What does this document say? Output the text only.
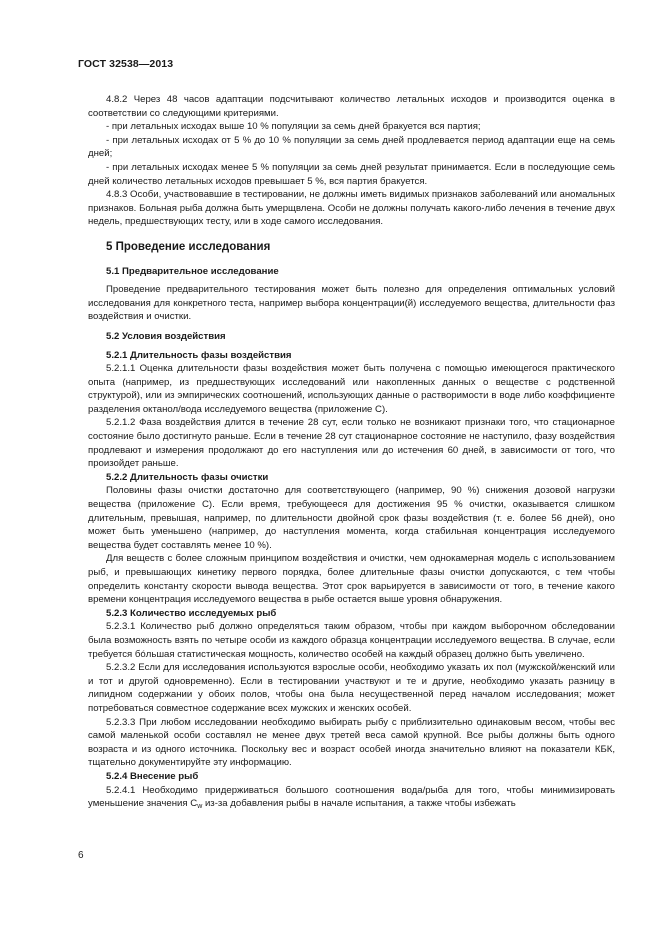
ГОСТ 32538—2013

4.8.2 Через 48 часов адаптации подсчитывают количество летальных исходов и производится оценка в соответствии со следующими критериями.

- при летальных исходах выше 10 % популяции за семь дней бракуется вся партия;

- при летальных исходах от 5 % до 10 % популяции за семь дней продлевается период адаптации еще на семь дней;

- при летальных исходах менее 5 % популяции за семь дней результат принимается. Если в последующие семь дней количество летальных исходов превышает 5 %, вся партия бракуется.

4.8.3 Особи, участвовавшие в тестировании, не должны иметь видимых признаков заболеваний или аномальных признаков. Больная рыба должна быть умерщвлена. Особи не должны получать какого-либо лечения в течение двух недель, предшествующих тесту, или в ходе самого исследования.

5 Проведение исследования

5.1 Предварительное исследование

Проведение предварительного тестирования может быть полезно для определения оптимальных условий исследования для конкретного теста, например выбора концентрации(й) исследуемого вещества, длительности фаз воздействия и очистки.

5.2 Условия воздействия

5.2.1 Длительность фазы воздействия

5.2.1.1 Оценка длительности фазы воздействия может быть получена с помощью имеющегося практического опыта (например, из предшествующих исследований или накопленных данных о веществе с родственной структурой), или из эмпирических соотношений, использующих данные о растворимости в воде либо коэффициенте разделения октанол/вода исследуемого вещества (приложение С).

5.2.1.2 Фаза воздействия длится в течение 28 сут, если только не возникают признаки того, что стационарное состояние было достигнуто раньше. Если в течение 28 сут стационарное состояние не наступило, фазу воздействия продлевают и измерения продолжают до его наступления или до истечения 60 дней, в зависимости от того, что произойдет раньше.

5.2.2 Длительность фазы очистки

Половины фазы очистки достаточно для соответствующего (например, 90 %) снижения дозовой нагрузки вещества (приложение С). Если время, требующееся для достижения 95 % очистки, оказывается слишком длительным, превышая, например, по длительности двойной срок фазы воздействия (т. е. более 56 дней), оно может быть уменьшено (например, до наступления момента, когда стабильная концентрация исследуемого вещества будет составлять менее 10 %).

Для веществ с более сложным принципом воздействия и очистки, чем однокамерная модель с использованием рыб, и превышающих кинетику первого порядка, более длительные фазы очистки допускаются, с тем чтобы определить константу скорости вывода вещества. Этот срок варьируется в зависимости от того, в течение какого времени концентрация исследуемого вещества в рыбе остается выше уровня обнаружения.

5.2.3 Количество исследуемых рыб

5.2.3.1 Количество рыб должно определяться таким образом, чтобы при каждом выборочном обследовании была возможность взять по четыре особи из каждого образца концентрации исследуемого вещества. В случае, если требуется бóльшая статистическая мощность, количество особей на каждый образец должно быть увеличено.

5.2.3.2 Если для исследования используются взрослые особи, необходимо указать их пол (мужской/женский или и тот и другой одновременно). Если в тестировании участвуют и те и другие, необходимо указать разницу в липидном содержании у обоих полов, чтобы она была несущественной перед началом исследования; может потребоваться совместное содержание всех мужских и женских особей.

5.2.3.3 При любом исследовании необходимо выбирать рыбу с приблизительно одинаковым весом, чтобы вес самой маленькой особи составлял не менее двух третей веса самой крупной. Все рыбы должны быть одного возраста и из одного источника. Поскольку вес и возраст особей иногда значительно влияют на показатели КБК, тщательно документируйте эту информацию.

5.2.4 Внесение рыб

5.2.4.1 Необходимо придерживаться большого соотношения вода/рыба для того, чтобы минимизировать уменьшение значения $C_w$ из-за добавления рыбы в начале испытания, а также чтобы избежать

6
